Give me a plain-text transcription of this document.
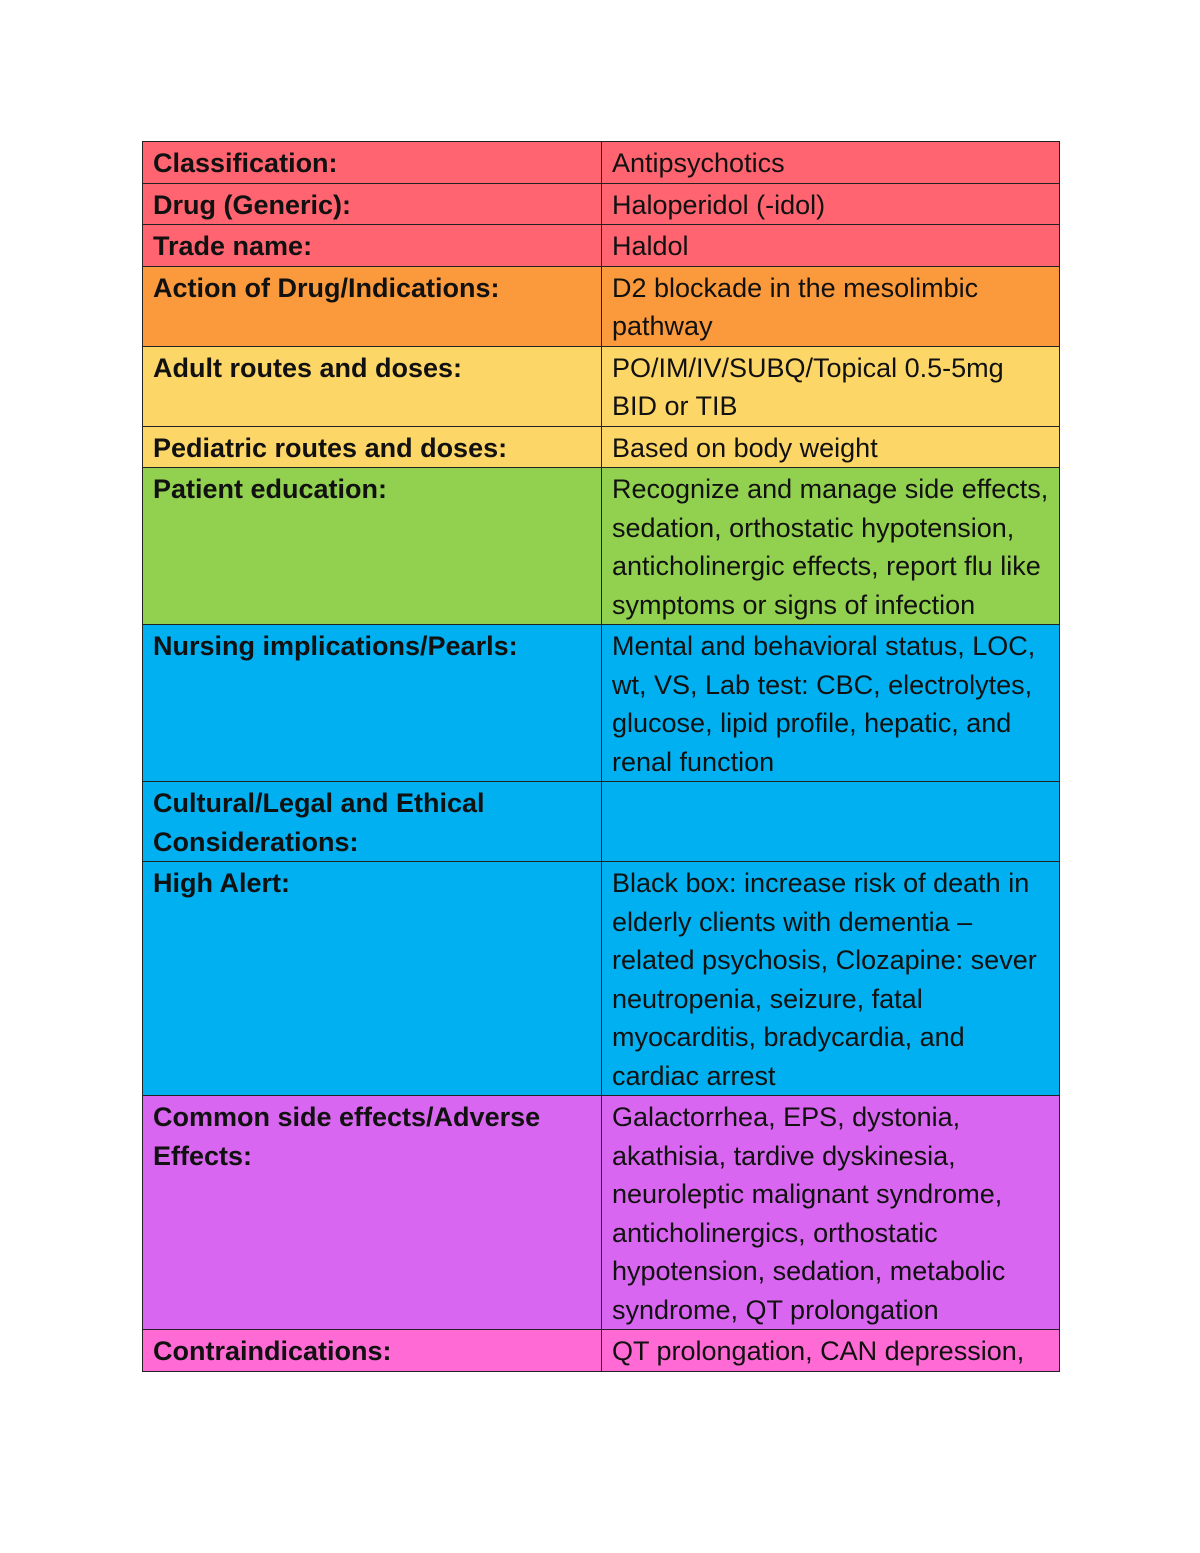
Classification:	Antipsychotics
Drug (Generic):	Haloperidol (-idol)
Trade name:	Haldol
Action of Drug/Indications:	D2 blockade in the mesolimbic pathway
Adult routes and doses:	PO/IM/IV/SUBQ/Topical 0.5-5mg BID or TIB
Pediatric routes and doses:	Based on body weight
Patient education:	Recognize and manage side effects, sedation, orthostatic hypotension, anticholinergic effects, report flu like symptoms or signs of infection
Nursing implications/Pearls:	Mental and behavioral status, LOC, wt, VS, Lab test: CBC, electrolytes, glucose, lipid profile, hepatic, and renal function
Cultural/Legal and Ethical Considerations:	
High Alert:	Black box: increase risk of death in elderly clients with dementia – related psychosis, Clozapine: sever neutropenia, seizure, fatal myocarditis, bradycardia, and cardiac arrest
Common side effects/Adverse Effects:	Galactorrhea, EPS, dystonia, akathisia, tardive dyskinesia, neuroleptic malignant syndrome, anticholinergics, orthostatic hypotension, sedation, metabolic syndrome, QT prolongation
Contraindications:	QT prolongation, CAN depression,
